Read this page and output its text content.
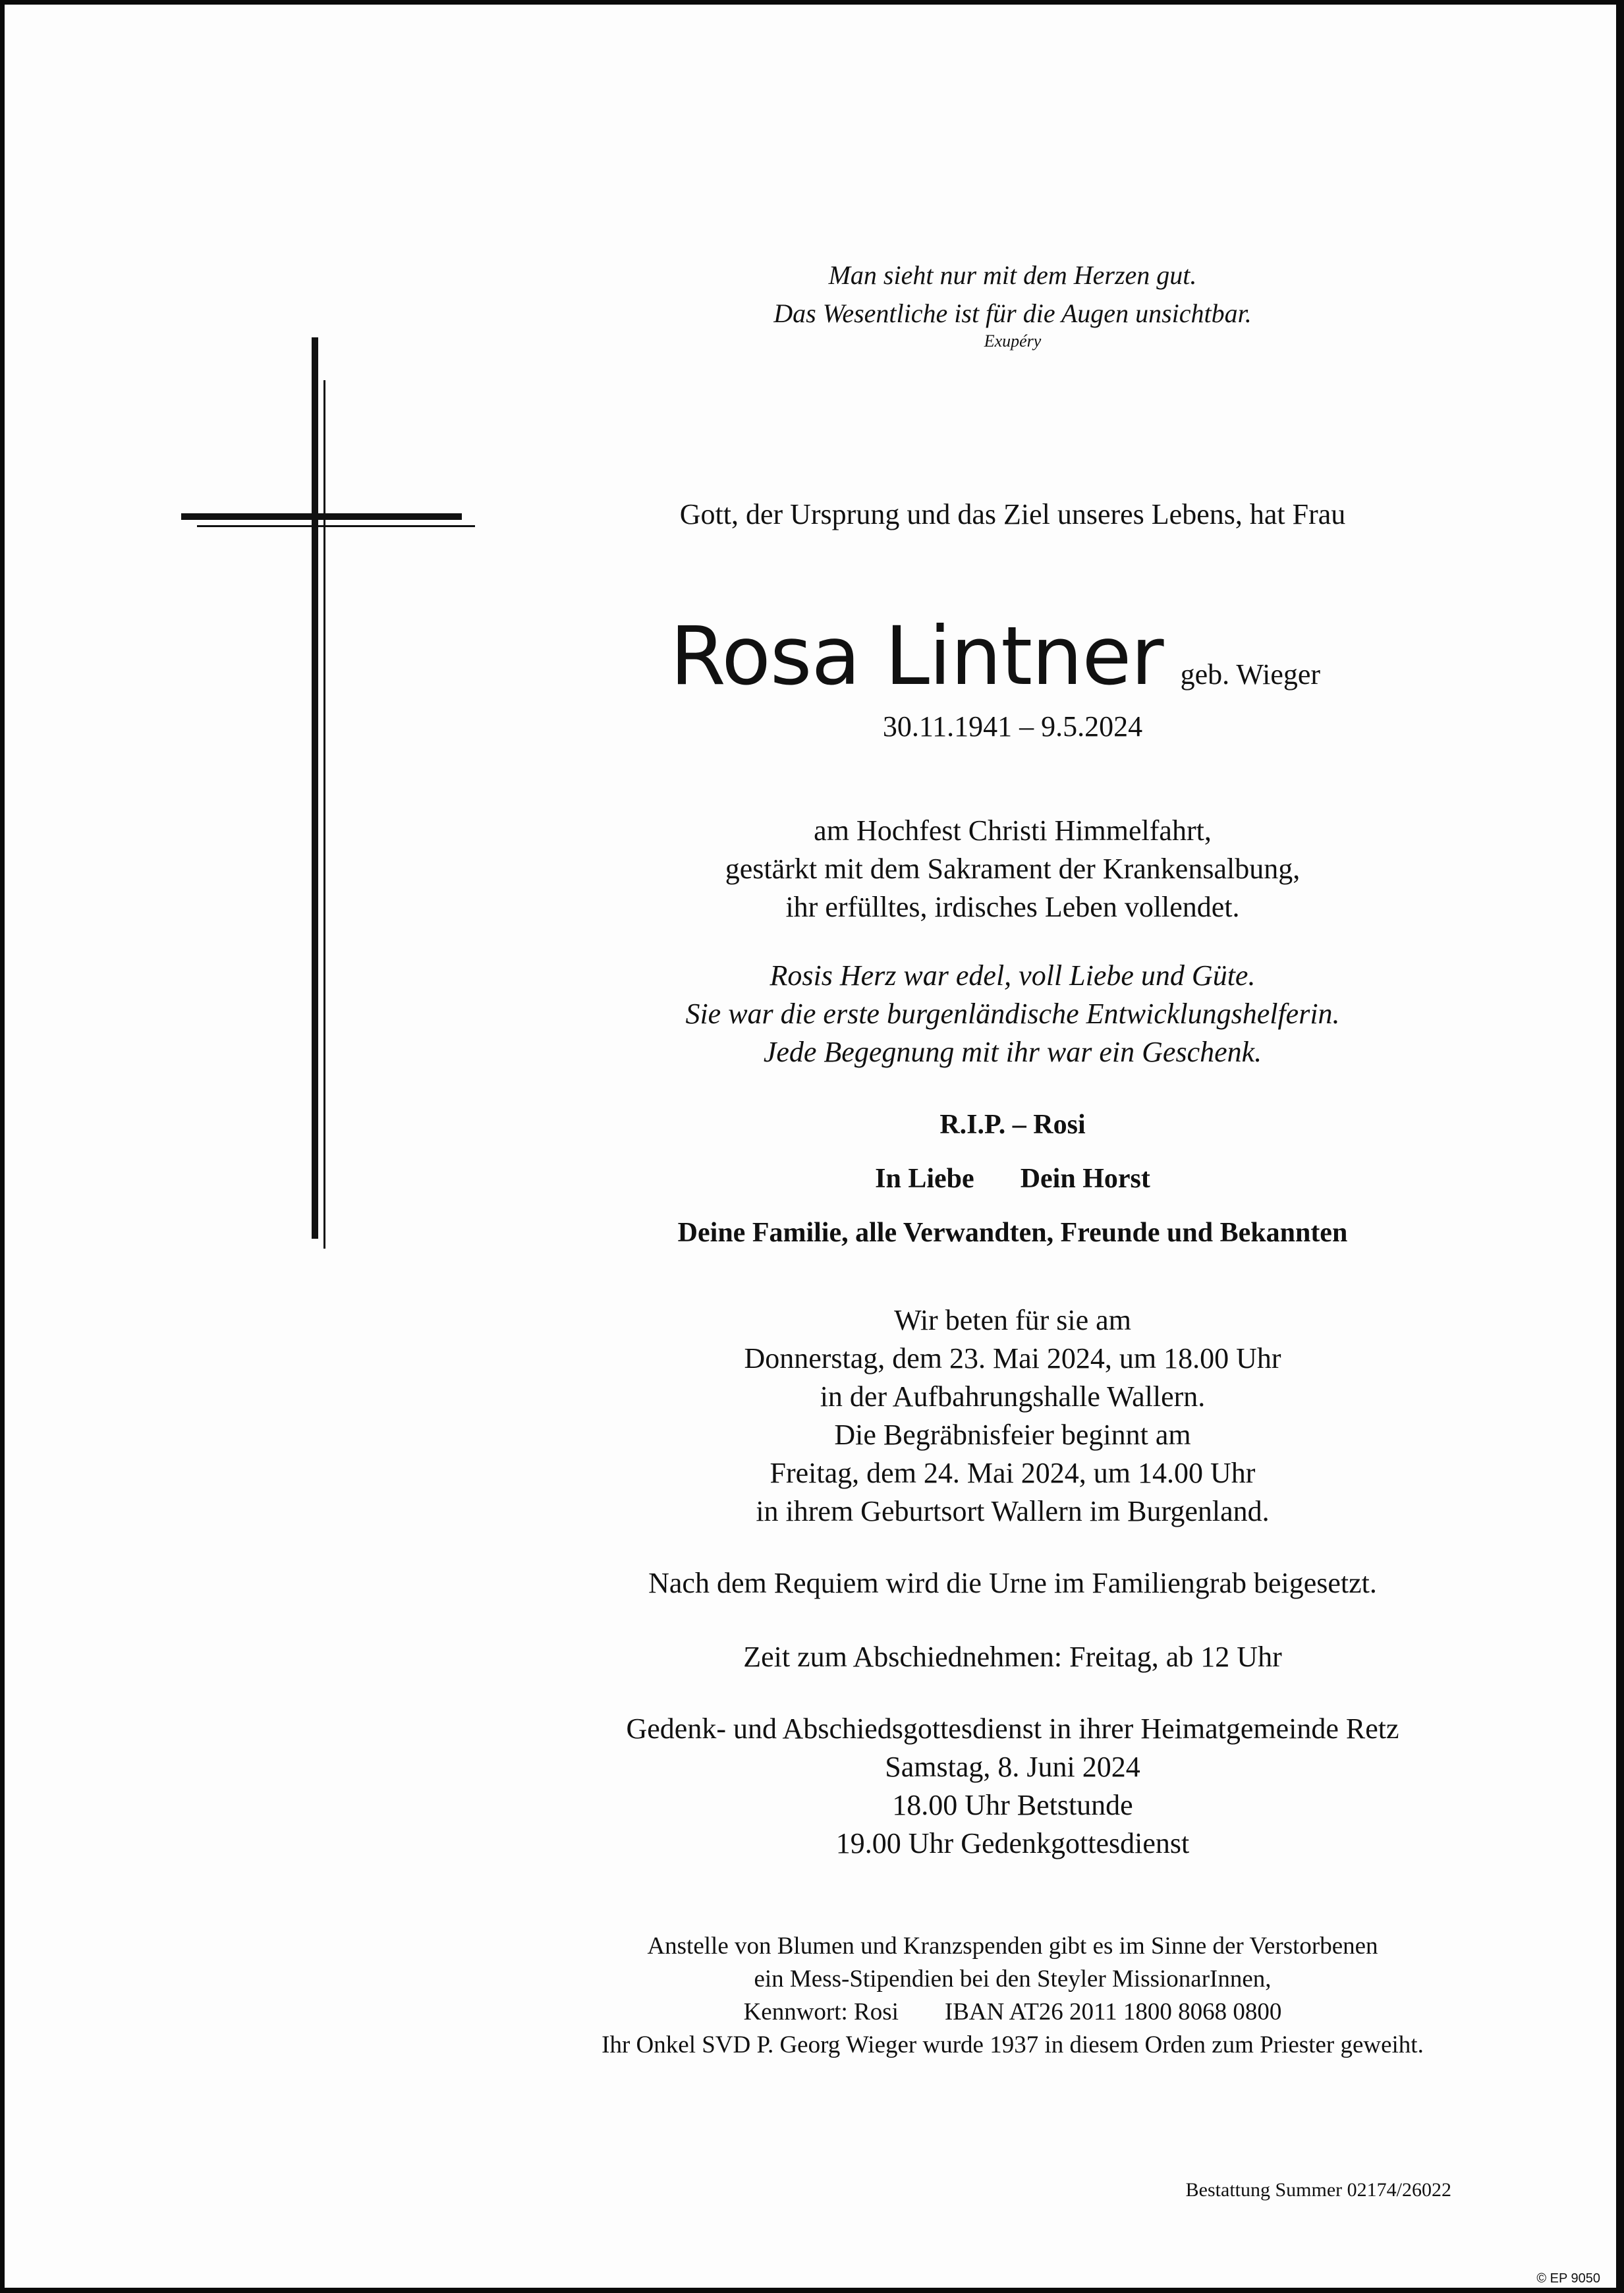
Man sieht nur mit dem Herzen gut.
Das Wesentliche ist für die Augen unsichtbar.
Exupéry
Gott, der Ursprung und das Ziel unseres Lebens, hat Frau
Rosa Lintner geb. Wieger
30.11.1941 – 9.5.2024
am Hochfest Christi Himmelfahrt,
gestärkt mit dem Sakrament der Krankensalbung,
ihr erfülltes, irdisches Leben vollendet.
Rosis Herz war edel, voll Liebe und Güte.
Sie war die erste burgenländische Entwicklungshelferin.
Jede Begegnung mit ihr war ein Geschenk.
R.I.P. – Rosi
In Liebe Dein Horst
Deine Familie, alle Verwandten, Freunde und Bekannten
Wir beten für sie am
Donnerstag, dem 23. Mai 2024, um 18.00 Uhr
in der Aufbahrungshalle Wallern.
Die Begräbnisfeier beginnt am
Freitag, dem 24. Mai 2024, um 14.00 Uhr
in ihrem Geburtsort Wallern im Burgenland.
Nach dem Requiem wird die Urne im Familiengrab beigesetzt.
Zeit zum Abschiednehmen: Freitag, ab 12 Uhr
Gedenk- und Abschiedsgottesdienst in ihrer Heimatgemeinde Retz
Samstag, 8. Juni 2024
18.00 Uhr Betstunde
19.00 Uhr Gedenkgottesdienst
Anstelle von Blumen und Kranzspenden gibt es im Sinne der Verstorbenen
ein Mess-Stipendien bei den Steyler MissionarInnen,
Kennwort: Rosi IBAN AT26 2011 1800 8068 0800
Ihr Onkel SVD P. Georg Wieger wurde 1937 in diesem Orden zum Priester geweiht.
Bestattung Summer 02174/26022
© EP 9050
